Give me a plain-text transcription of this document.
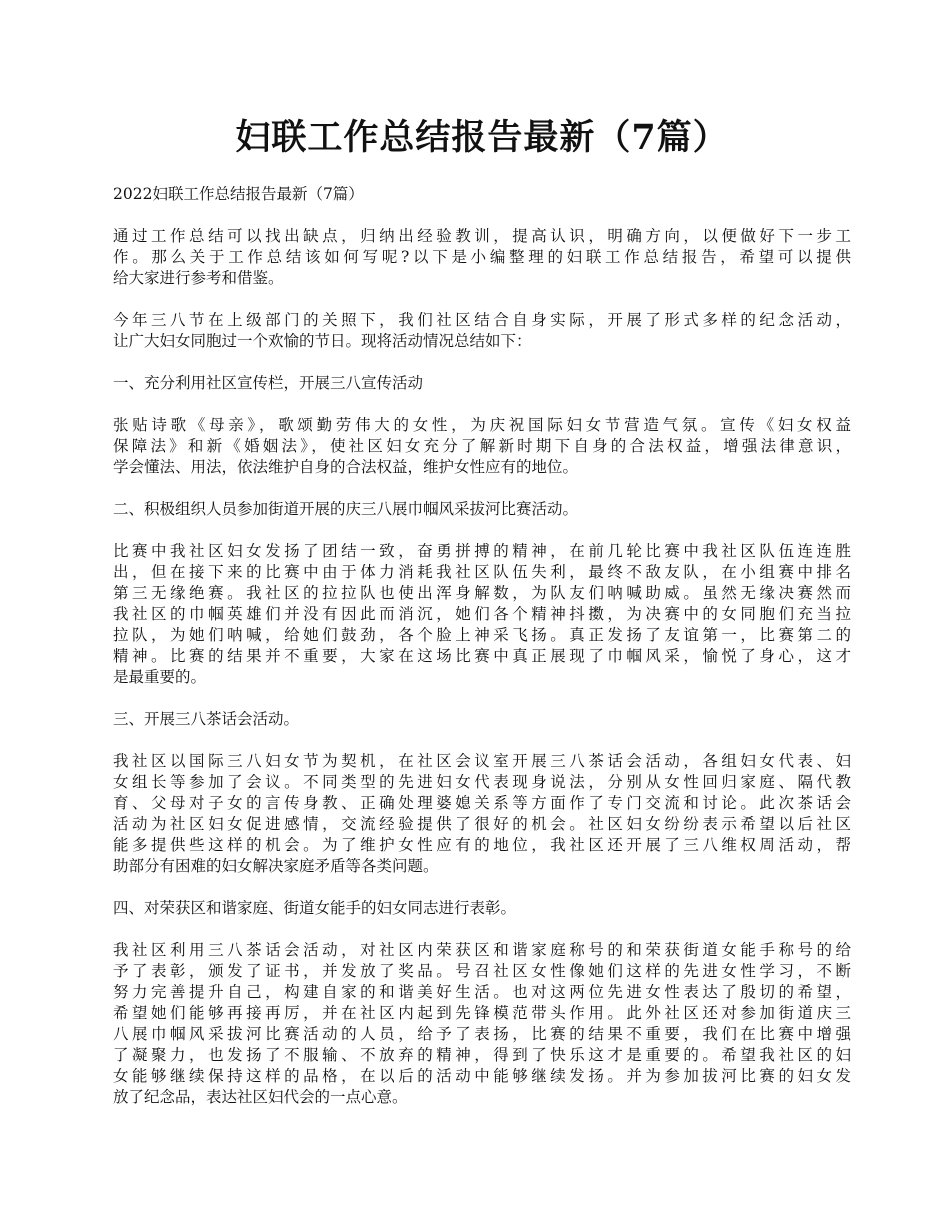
妇联工作总结报告最新（7篇）

2022妇联工作总结报告最新（7篇）

通过工作总结可以找出缺点，归纳出经验教训，提高认识，明确方向，以便做好下一步工
作。那么关于工作总结该如何写呢?以下是小编整理的妇联工作总结报告，希望可以提供
给大家进行参考和借鉴。
今年三八节在上级部门的关照下，我们社区结合自身实际，开展了形式多样的纪念活动，
让广大妇女同胞过一个欢愉的节日。现将活动情况总结如下：

一、充分利用社区宣传栏，开展三八宣传活动

张贴诗歌《母亲》，歌颂勤劳伟大的女性，为庆祝国际妇女节营造气氛。宣传《妇女权益
保障法》和新《婚姻法》，使社区妇女充分了解新时期下自身的合法权益，增强法律意识，
学会懂法、用法，依法维护自身的合法权益，维护女性应有的地位。

二、积极组织人员参加街道开展的庆三八展巾帼风采拔河比赛活动。

比赛中我社区妇女发扬了团结一致，奋勇拼搏的精神，在前几轮比赛中我社区队伍连连胜
出，但在接下来的比赛中由于体力消耗我社区队伍失利，最终不敌友队，在小组赛中排名
第三无缘绝赛。我社区的拉拉队也使出浑身解数，为队友们呐喊助威。虽然无缘决赛然而
我社区的巾帼英雄们并没有因此而消沉，她们各个精神抖擞，为决赛中的女同胞们充当拉
拉队，为她们呐喊，给她们鼓劲，各个脸上神采飞扬。真正发扬了友谊第一，比赛第二的
精神。比赛的结果并不重要，大家在这场比赛中真正展现了巾帼风采，愉悦了身心，这才
是最重要的。

三、开展三八茶话会活动。

我社区以国际三八妇女节为契机，在社区会议室开展三八茶话会活动，各组妇女代表、妇
女组长等参加了会议。不同类型的先进妇女代表现身说法，分别从女性回归家庭、隔代教
育、父母对子女的言传身教、正确处理婆媳关系等方面作了专门交流和讨论。此次茶话会
活动为社区妇女促进感情，交流经验提供了很好的机会。社区妇女纷纷表示希望以后社区
能多提供些这样的机会。为了维护女性应有的地位，我社区还开展了三八维权周活动，帮
助部分有困难的妇女解决家庭矛盾等各类问题。

四、对荣获区和谐家庭、街道女能手的妇女同志进行表彰。

我社区利用三八茶话会活动，对社区内荣获区和谐家庭称号的和荣获街道女能手称号的给
予了表彰，颁发了证书，并发放了奖品。号召社区女性像她们这样的先进女性学习，不断
努力完善提升自己，构建自家的和谐美好生活。也对这两位先进女性表达了殷切的希望，
希望她们能够再接再厉，并在社区内起到先锋模范带头作用。此外社区还对参加街道庆三
八展巾帼风采拔河比赛活动的人员，给予了表扬，比赛的结果不重要，我们在比赛中增强
了凝聚力，也发扬了不服输、不放弃的精神，得到了快乐这才是重要的。希望我社区的妇
女能够继续保持这样的品格，在以后的活动中能够继续发扬。并为参加拔河比赛的妇女发
放了纪念品，表达社区妇代会的一点心意。
